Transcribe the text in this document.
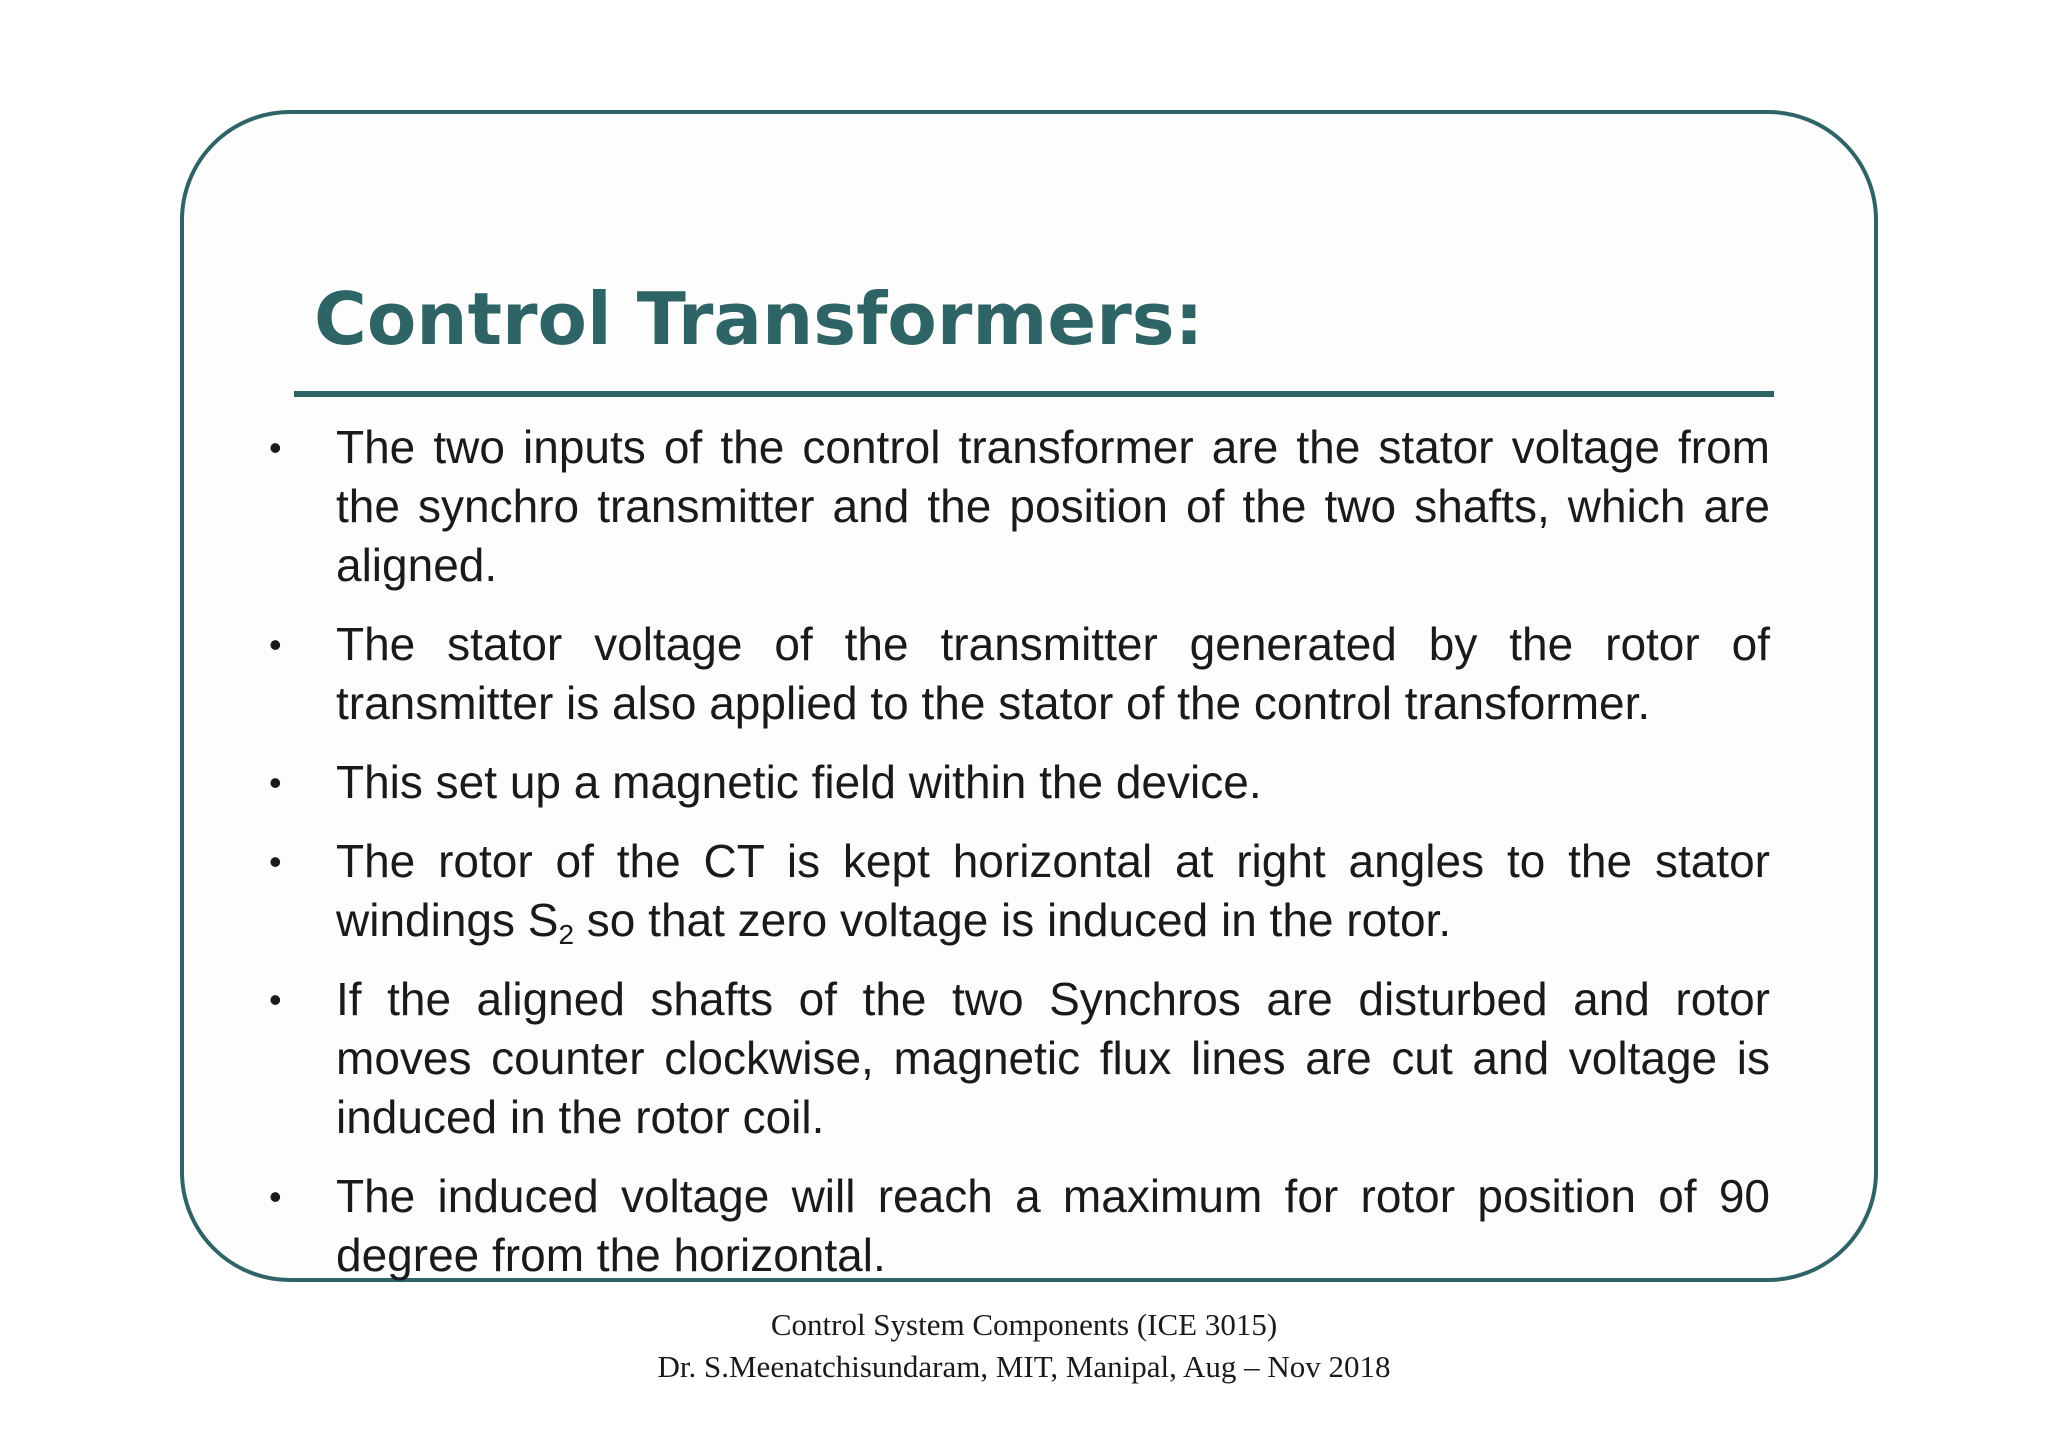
Control Transformers:
• The two inputs of the control transformer are the stator voltage from the synchro transmitter and the position of the two shafts, which are aligned.
• The stator voltage of the transmitter generated by the rotor of transmitter is also applied to the stator of the control transformer.
• This set up a magnetic field within the device.
• The rotor of the CT is kept horizontal at right angles to the stator windings $S_2$ so that zero voltage is induced in the rotor.
• If the aligned shafts of the two Synchros are disturbed and rotor moves counter clockwise, magnetic flux lines are cut and voltage is induced in the rotor coil.
• The induced voltage will reach a maximum for rotor position of 90 degree from the horizontal.
Control System Components (ICE 3015)
Dr. S.Meenatchisundaram, MIT, Manipal, Aug – Nov 2018
